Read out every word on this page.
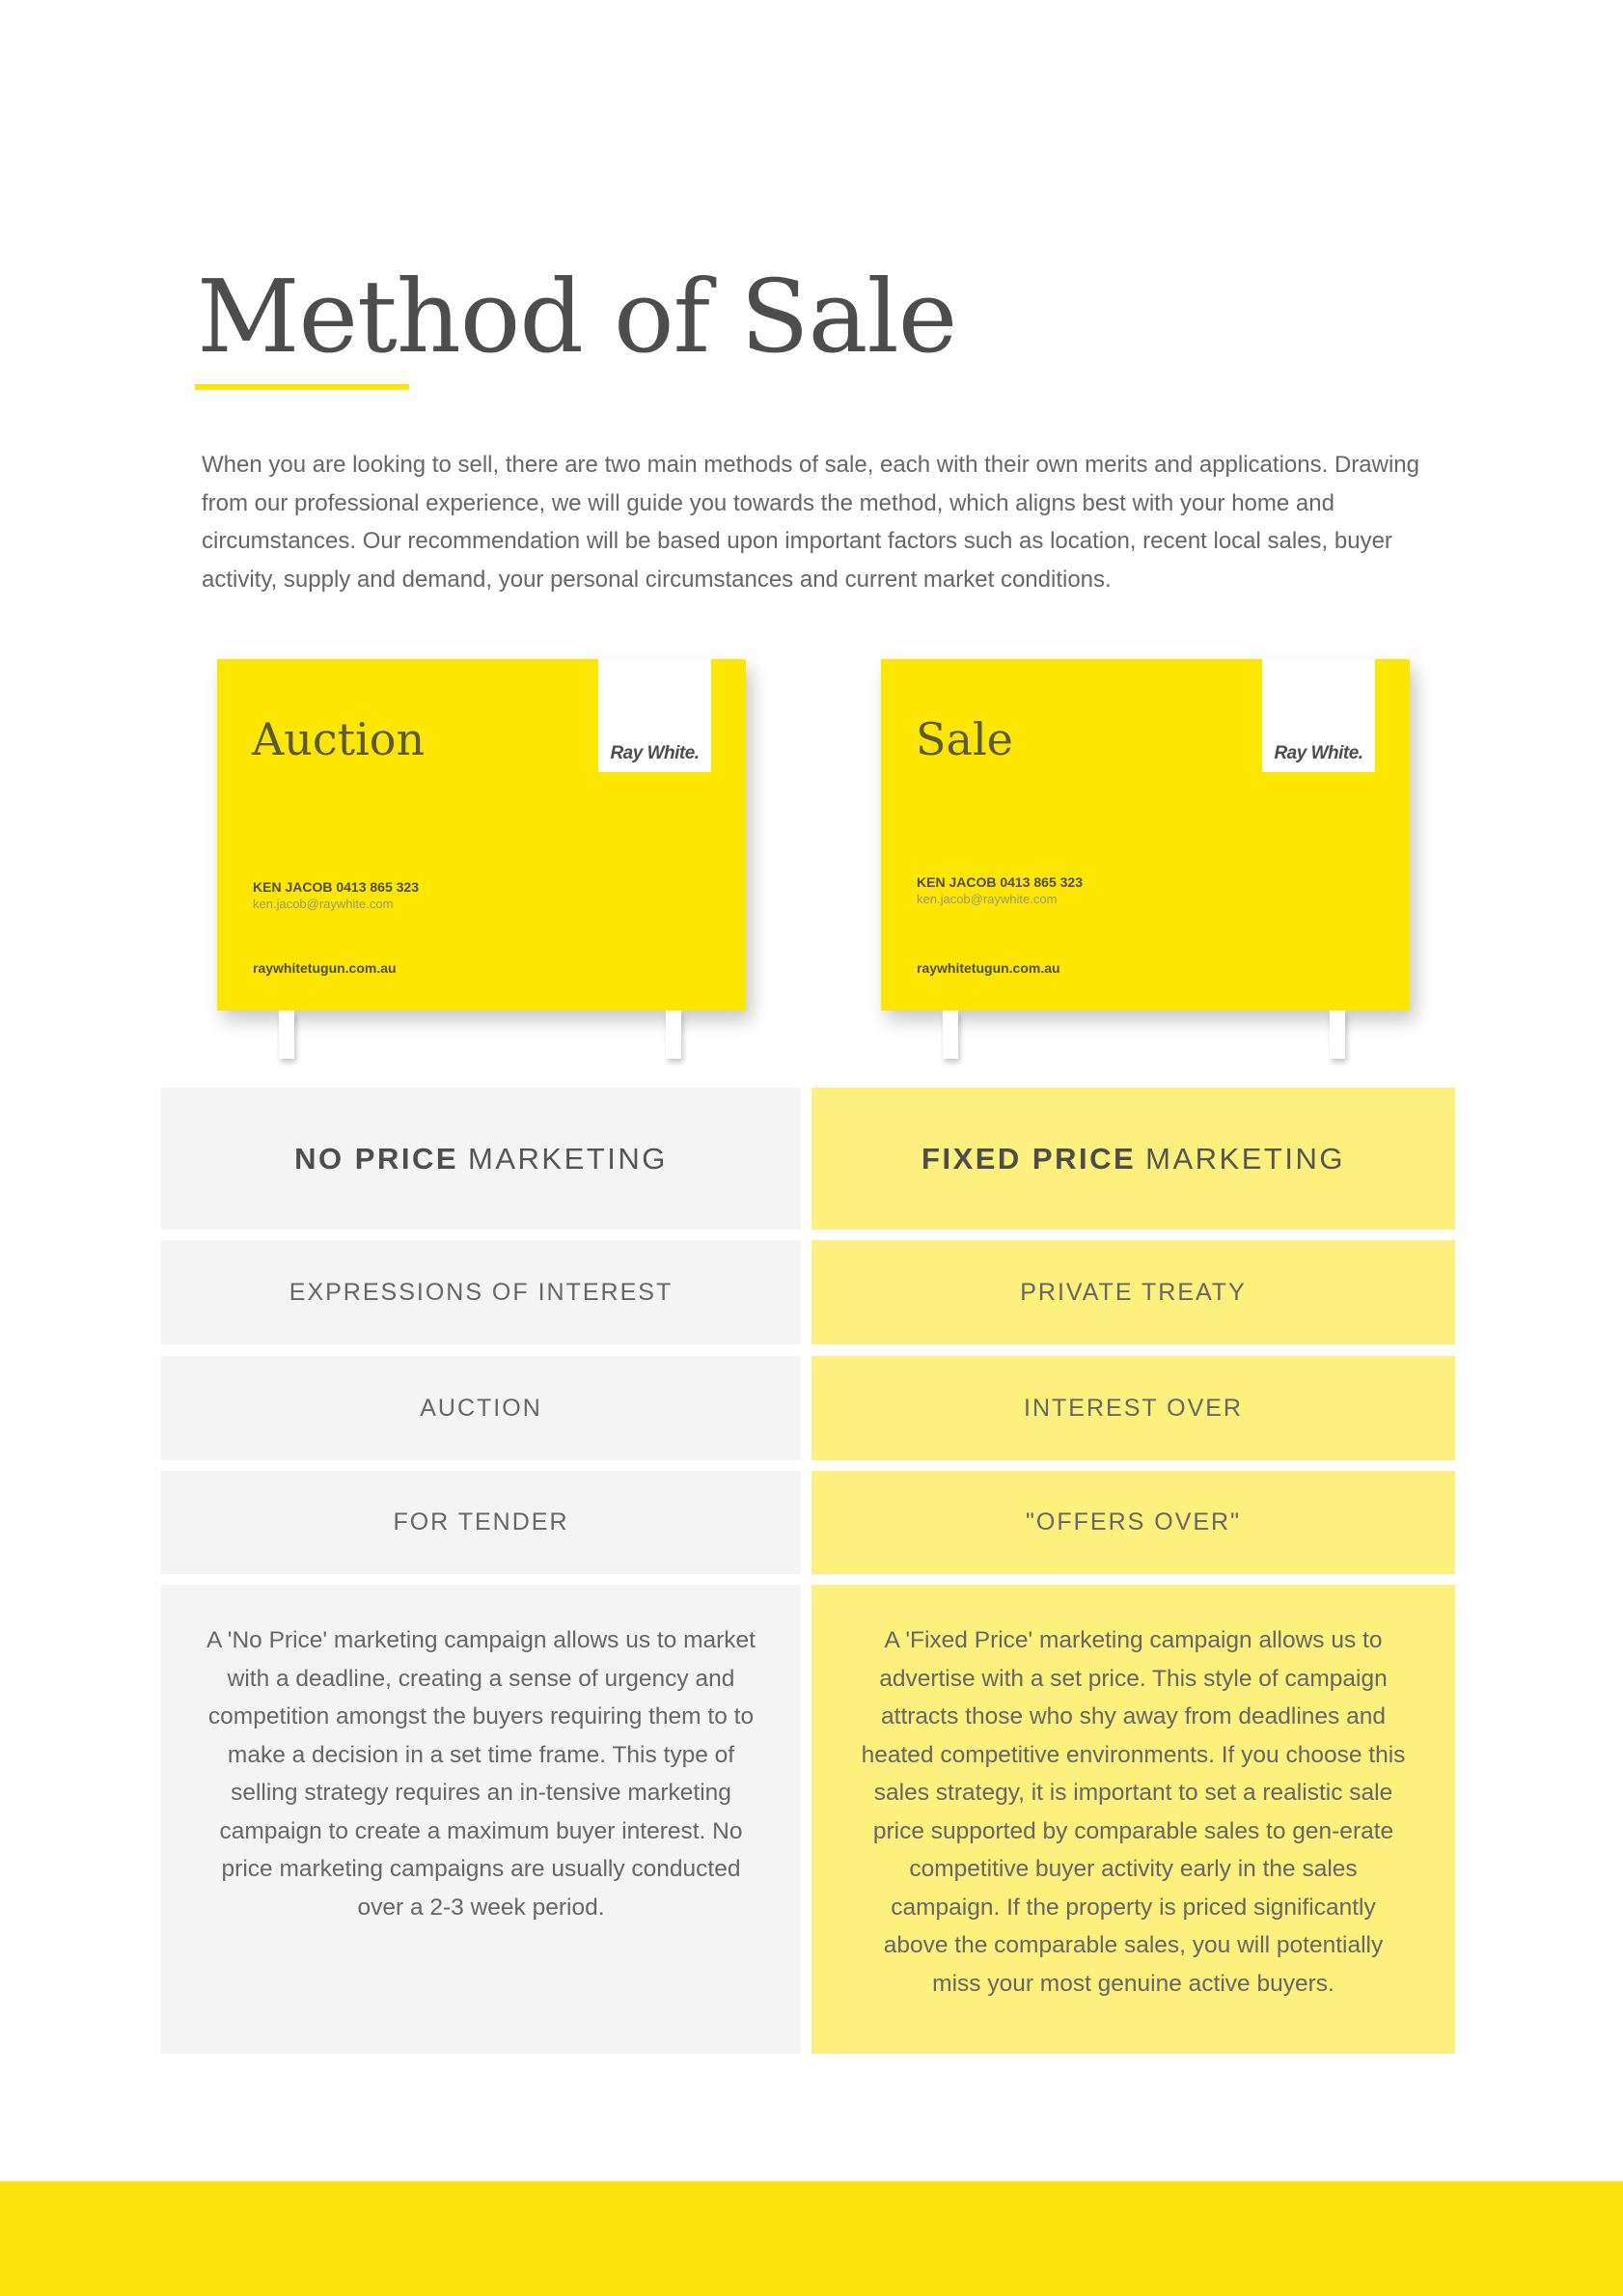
Method of Sale

When you are looking to sell, there are two main methods of sale, each with their own merits and applications. Drawing from our professional experience, we will guide you towards the method, which aligns best with your home and circumstances. Our recommendation will be based upon important factors such as location, recent local sales, buyer activity, supply and demand, your personal circumstances and current market conditions.

Auction	Ray White.
KEN JACOB 0413 865 323
ken.jacob@raywhite.com
raywhitetugun.com.au
Sale	Ray White.
KEN JACOB 0413 865 323
ken.jacob@raywhite.com
raywhitetugun.com.au
NO PRICE MARKETING	FIXED PRICE MARKETING
EXPRESSIONS OF INTEREST	PRIVATE TREATY
AUCTION	INTEREST OVER
FOR TENDER	"OFFERS OVER"

A 'No Price' marketing campaign allows us to market with a deadline, creating a sense of urgency and competition amongst the buyers requiring them to to make a decision in a set time frame. This type of selling strategy requires an in-tensive marketing campaign to create a maximum buyer interest. No price marketing campaigns are usually conducted over a 2-3 week period.

A 'Fixed Price' marketing campaign allows us to advertise with a set price. This style of campaign attracts those who shy away from deadlines and heated competitive environments. If you choose this sales strategy, it is important to set a realistic sale price supported by comparable sales to gen-erate competitive buyer activity early in the sales campaign. If the property is priced significantly above the comparable sales, you will potentially miss your most genuine active buyers.
